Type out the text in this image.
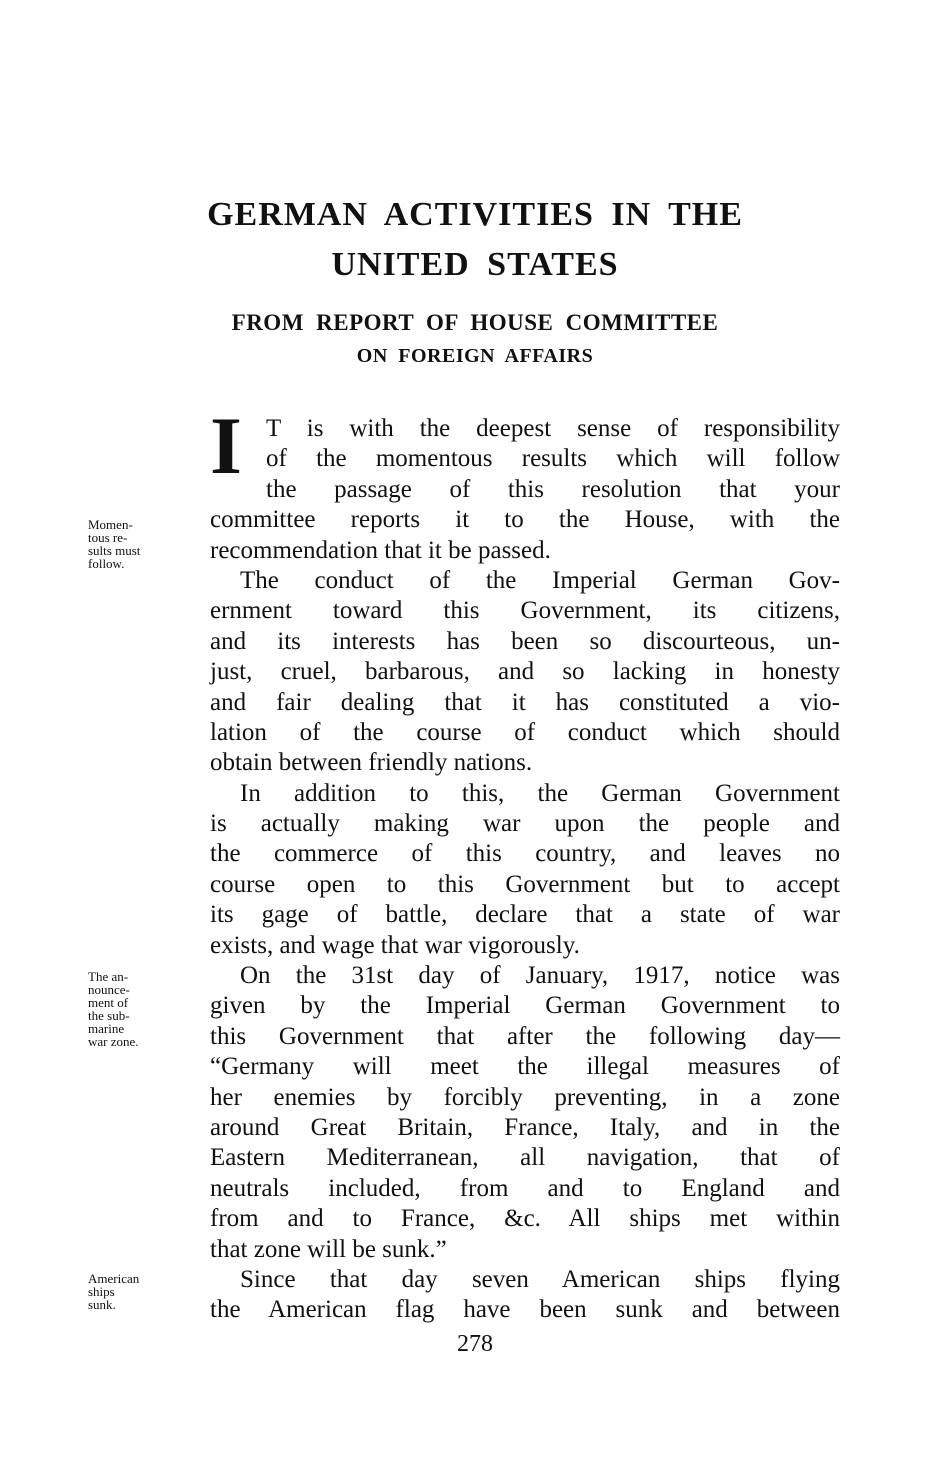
GERMAN ACTIVITIES IN THE
UNITED STATES
FROM REPORT OF HOUSE COMMITTEE
ON FOREIGN AFFAIRS
I T is with the deepest sense of responsibility
of the momentous results which will follow
the passage of this resolution that your
committee reports it to the House, with the
recommendation that it be passed.
The conduct of the Imperial German Gov-
ernment toward this Government, its citizens,
and its interests has been so discourteous, un-
just, cruel, barbarous, and so lacking in honesty
and fair dealing that it has constituted a vio-
lation of the course of conduct which should
obtain between friendly nations.
In addition to this, the German Government
is actually making war upon the people and
the commerce of this country, and leaves no
course open to this Government but to accept
its gage of battle, declare that a state of war
exists, and wage that war vigorously.
On the 31st day of January, 1917, notice was
given by the Imperial German Government to
this Government that after the following day—
“Germany will meet the illegal measures of
her enemies by forcibly preventing, in a zone
around Great Britain, France, Italy, and in the
Eastern Mediterranean, all navigation, that of
neutrals included, from and to England and
from and to France, &c. All ships met within
that zone will be sunk.”
Since that day seven American ships flying
the American flag have been sunk and between
Momen-
tous re-
sults must
follow.
The an-
nounce-
ment of
the sub-
marine
war zone.
American
ships
sunk.
278
